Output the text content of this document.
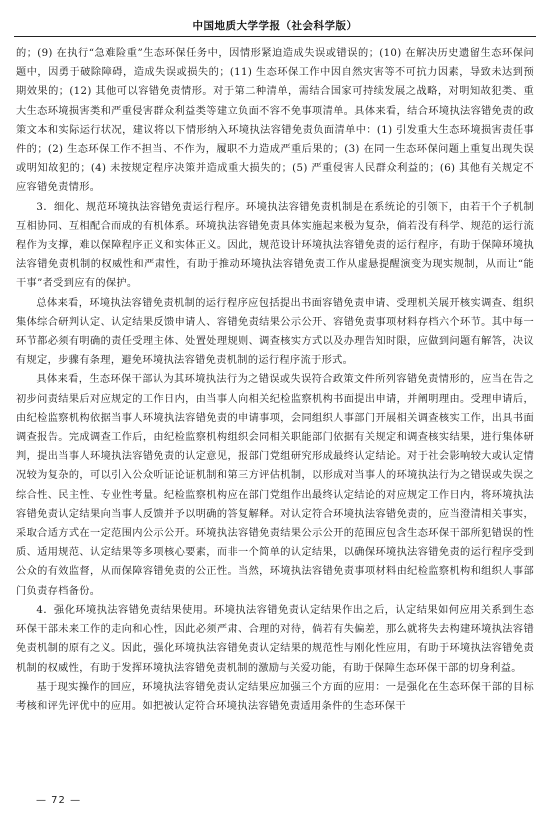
中国地质大学学报（社会科学版）

的；(9) 在执行“急难险重”生态环保任务中，因情形紧迫造成失误或错误的；(10) 在解决历史遗留生态环保问题中，因勇于破除障碍，造成失误或损失的；(11) 生态环保工作中因自然灾害等不可抗力因素，导致未达到预期效果的；(12) 其他可以容错免责情形。对于第二种清单，需结合国家可持续发展之战略，对明知故犯类、重大生态环境损害类和严重侵害群众利益类等建立负面不容不免事项清单。具体来看，结合环境执法容错免责的政策文本和实际运行状况，建议将以下情形纳入环境执法容错免责负面清单中：(1) 引发重大生态环境损害责任事件的；(2) 生态环保工作不担当、不作为，履职不力造成严重后果的；(3) 在同一生态环保问题上重复出现失误或明知故犯的；(4) 未按规定程序决策并造成重大损失的；(5) 严重侵害人民群众利益的；(6) 其他有关规定不应容错免责情形。

3．细化、规范环境执法容错免责运行程序。环境执法容错免责机制是在系统论的引领下，由若干个子机制互相协同、互相配合而成的有机体系。环境执法容错免责具体实施起来极为复杂，倘若没有科学、规范的运行流程作为支撑，难以保障程序正义和实体正义。因此，规范设计环境执法容错免责的运行程序，有助于保障环境执法容错免责机制的权威性和严肃性，有助于推动环境执法容错免责工作从虚悬提醒演变为现实规制，从而让“能干事”者受到应有的保护。

总体来看，环境执法容错免责机制的运行程序应包括提出书面容错免责申请、受理机关展开核实调查、组织集体综合研判认定、认定结果反馈申请人、容错免责结果公示公开、容错免责事项材料存档六个环节。其中每一环节都必须有明确的责任受理主体、处置处理规则、调查核实方式以及办理告知时限，应做到问题有解答，决议有规定，步骤有条理，避免环境执法容错免责机制的运行程序流于形式。

具体来看，生态环保干部认为其环境执法行为之错误或失误符合政策文件所列容错免责情形的，应当在告之初步问责结果后对应规定的工作日内，由当事人向相关纪检监察机构书面提出申请，并阐明理由。受理申请后，由纪检监察机构依据当事人环境执法容错免责的申请事项，会同组织人事部门开展相关调查核实工作，出具书面调查报告。完成调查工作后，由纪检监察机构组织会同相关职能部门依据有关规定和调查核实结果，进行集体研判，提出当事人环境执法容错免责的认定意见，报部门党组研究形成最终认定结论。对于社会影响较大或认定情况较为复杂的，可以引入公众听证论证机制和第三方评估机制，以形成对当事人的环境执法行为之错误或失误之综合性、民主性、专业性考量。纪检监察机构应在部门党组作出最终认定结论的对应规定工作日内，将环境执法容错免责认定结果向当事人反馈并予以明确的答复解释。对认定符合环境执法容错免责的，应当澄清相关事实，采取合适方式在一定范围内公示公开。环境执法容错免责结果公示公开的范围应包含生态环保干部所犯错误的性质、适用规范、认定结果等多项核心要素，而非一个简单的认定结果，以确保环境执法容错免责的运行程序受到公众的有效监督，从而保障容错免责的公正性。当然，环境执法容错免责事项材料由纪检监察机构和组织人事部门负责存档备份。

4．强化环境执法容错免责结果使用。环境执法容错免责认定结果作出之后，认定结果如何应用关系到生态环保干部未来工作的走向和心性，因此必须严肃、合理的对待，倘若有失偏差，那么就将失去构建环境执法容错免责机制的原有之义。因此，强化环境执法容错免责认定结果的规范性与刚化性应用，有助于环境执法容错免责机制的权威性，有助于发挥环境执法容错免责机制的激励与关爱功能，有助于保障生态环保干部的切身利益。

基于现实操作的回应，环境执法容错免责认定结果应加强三个方面的应用：一是强化在生态环保干部的目标考核和评先评优中的应用。如把被认定符合环境执法容错免责适用条件的生态环保干

— 72 —
